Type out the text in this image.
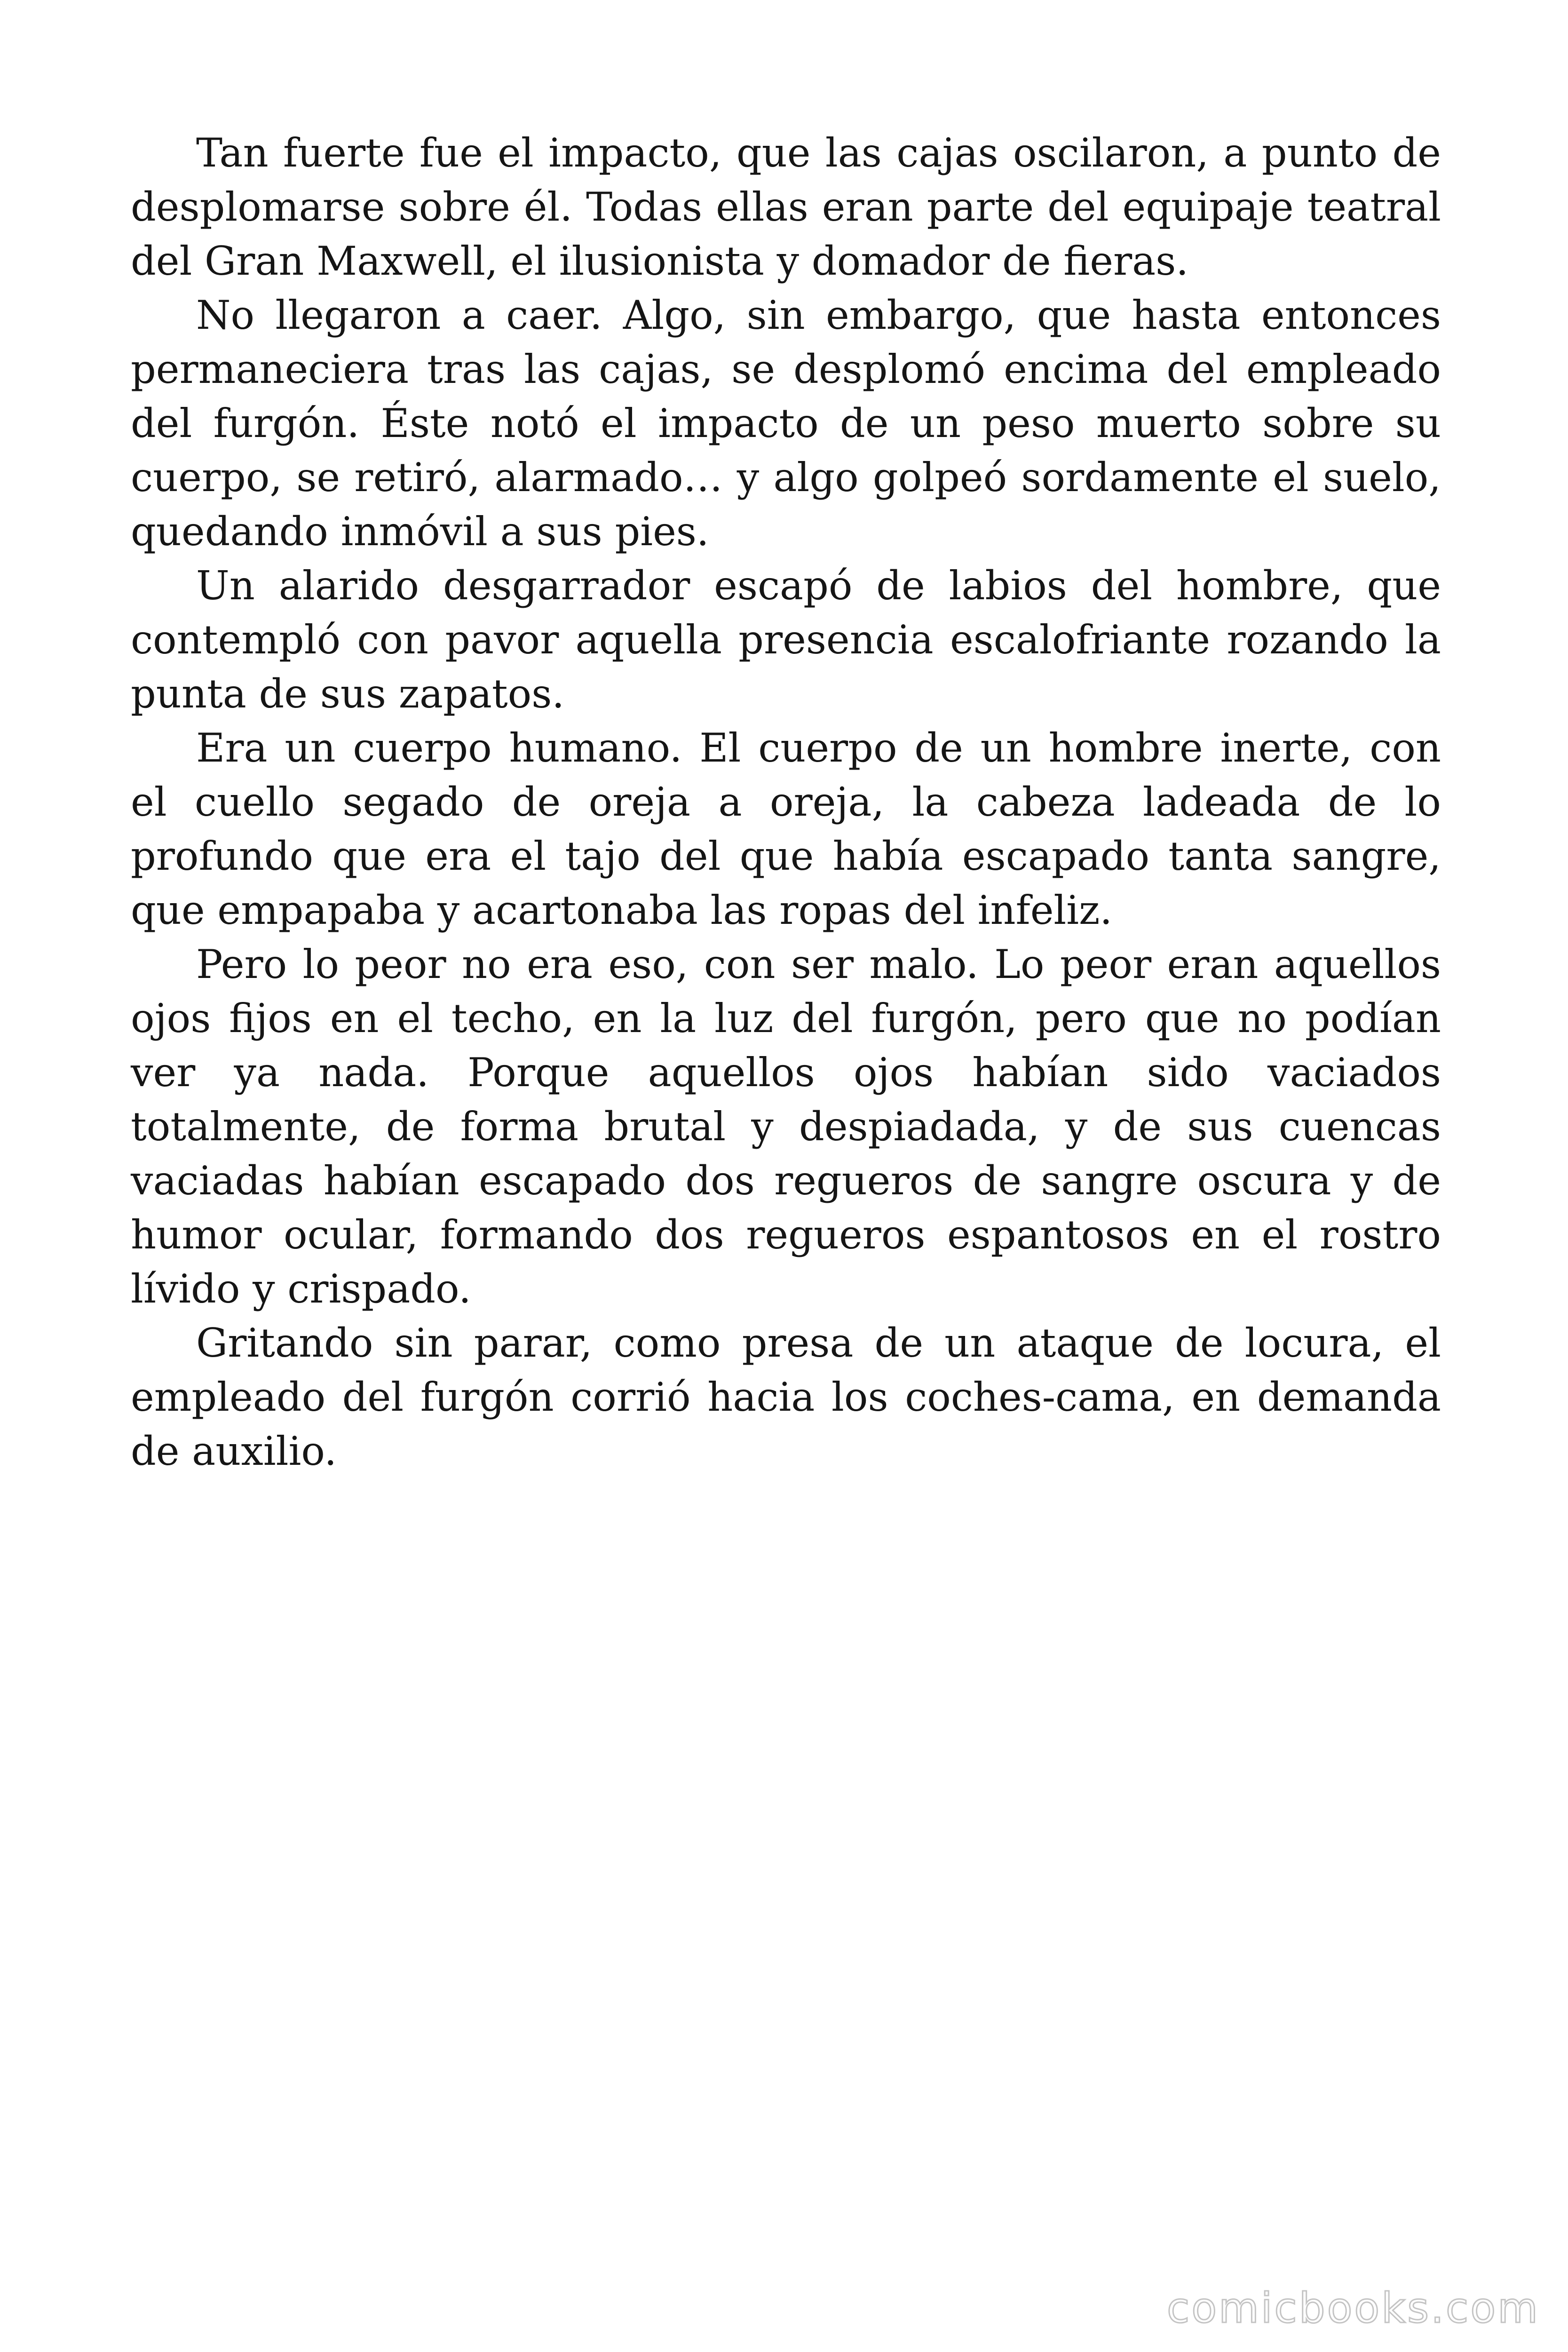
Tan fuerte fue el impacto, que las cajas oscilaron, a punto de desplomarse sobre él. Todas ellas eran parte del equipaje teatral del Gran Maxwell, el ilusionista y domador de fieras.

No llegaron a caer. Algo, sin embargo, que hasta entonces permaneciera tras las cajas, se desplomó encima del empleado del furgón. Éste notó el impacto de un peso muerto sobre su cuerpo, se retiró, alarmado… y algo golpeó sordamente el suelo, quedando inmóvil a sus pies.

Un alarido desgarrador escapó de labios del hombre, que contempló con pavor aquella presencia escalofriante rozando la punta de sus zapatos.

Era un cuerpo humano. El cuerpo de un hombre inerte, con el cuello segado de oreja a oreja, la cabeza ladeada de lo profundo que era el tajo del que había escapado tanta sangre, que empapaba y acartonaba las ropas del infeliz.

Pero lo peor no era eso, con ser malo. Lo peor eran aquellos ojos fijos en el techo, en la luz del furgón, pero que no podían ver ya nada. Porque aquellos ojos habían sido vaciados totalmente, de forma brutal y despiadada, y de sus cuencas vaciadas habían escapado dos regueros de sangre oscura y de humor ocular, formando dos regueros espantosos en el rostro lívido y crispado.

Gritando sin parar, como presa de un ataque de locura, el empleado del furgón corrió hacia los coches-cama, en demanda de auxilio.

comicbooks.com
